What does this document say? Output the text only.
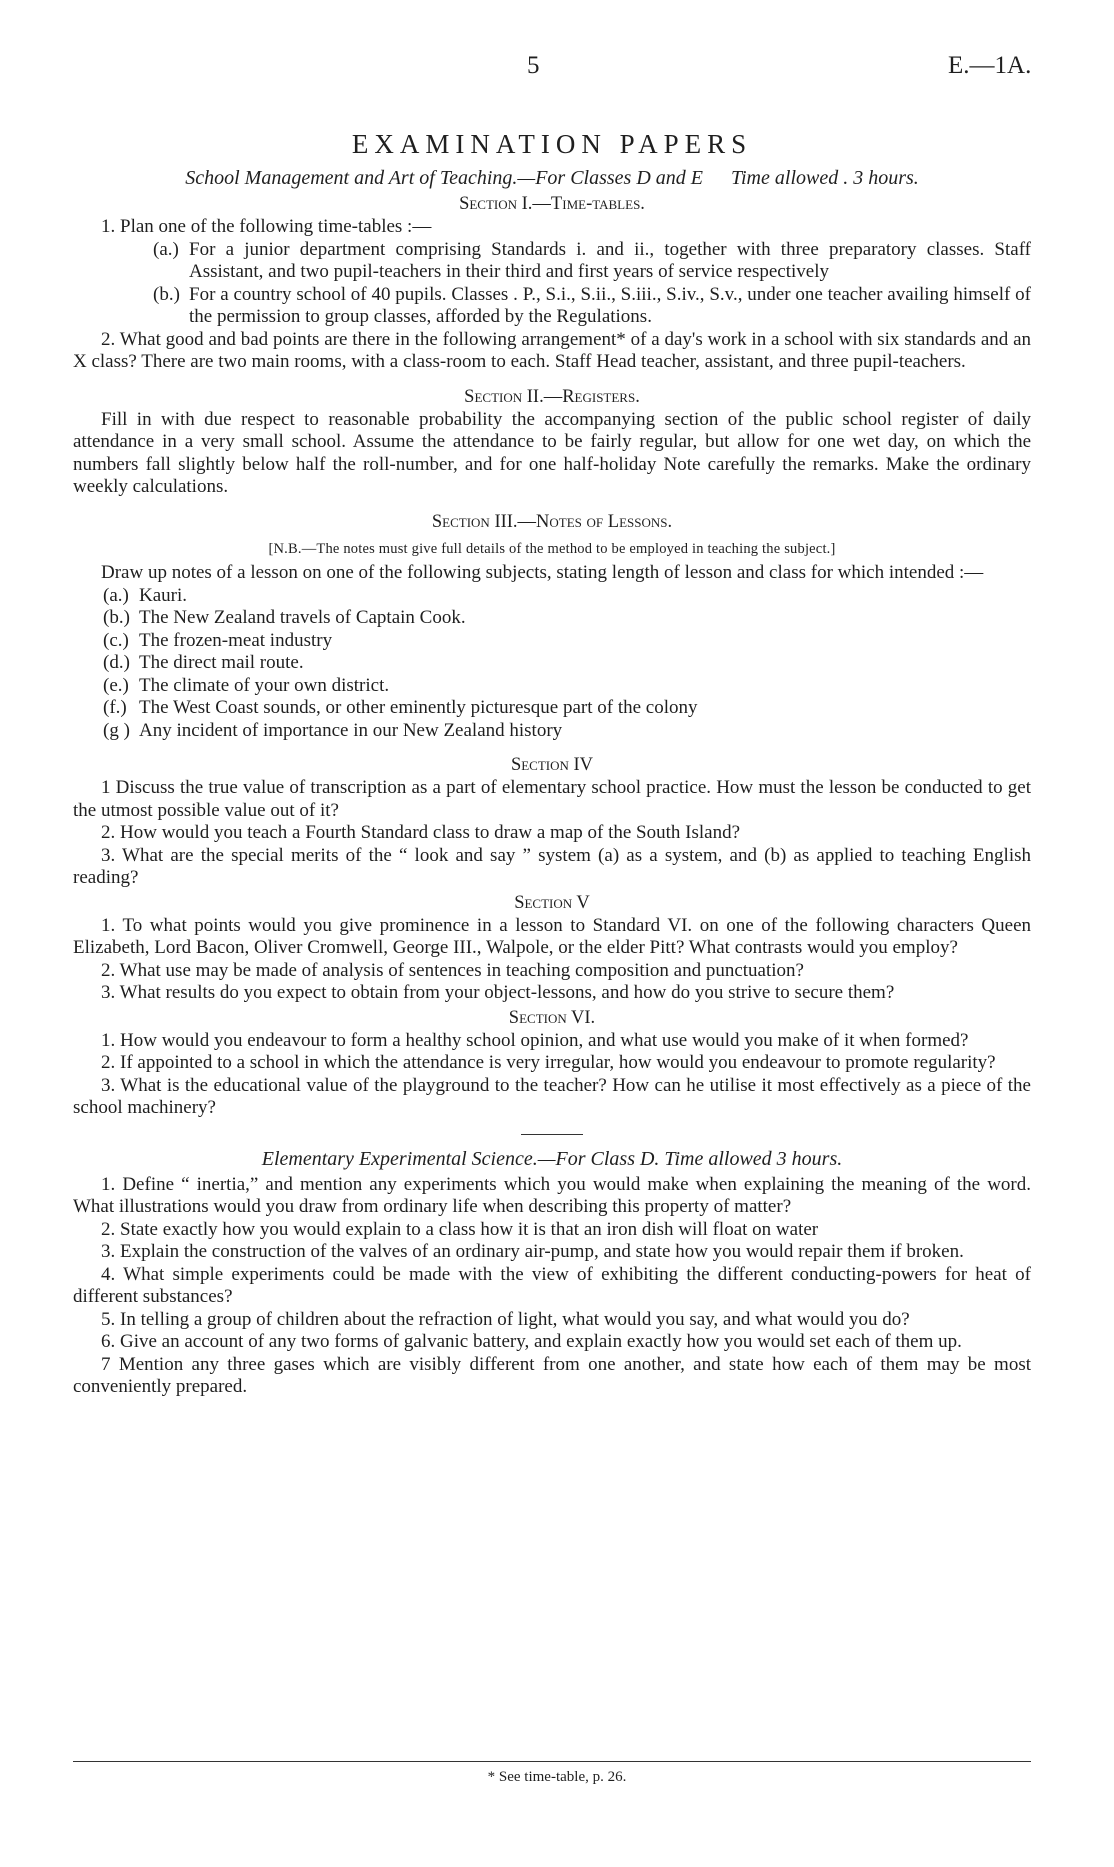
5	E.—1A.
EXAMINATION PAPERS
School Management and Art of Teaching.—For Classes D and E Time allowed . 3 hours.
Section I.—Time-tables.
1. Plan one of the following time-tables :—
(a.) For a junior department comprising Standards i. and ii., together with three preparatory classes. Staff Assistant, and two pupil-teachers in their third and first years of service respectively
(b.) For a country school of 40 pupils. Classes . P., S.i., S.ii., S.iii., S.iv., S.v., under one teacher availing himself of the permission to group classes, afforded by the Regulations.
2. What good and bad points are there in the following arrangement* of a day's work in a school with six standards and an X class? There are two main rooms, with a class-room to each. Staff Head teacher, assistant, and three pupil-teachers.
Section II.—Registers.
Fill in with due respect to reasonable probability the accompanying section of the public school register of daily attendance in a very small school. Assume the attendance to be fairly regular, but allow for one wet day, on which the numbers fall slightly below half the roll-number, and for one half-holiday Note carefully the remarks. Make the ordinary weekly calculations.
Section III.—Notes of Lessons.
[N.B.—The notes must give full details of the method to be employed in teaching the subject.]
Draw up notes of a lesson on one of the following subjects, stating length of lesson and class for which intended :—
(a.) Kauri.
(b.) The New Zealand travels of Captain Cook.
(c.) The frozen-meat industry
(d.) The direct mail route.
(e.) The climate of your own district.
(f.) The West Coast sounds, or other eminently picturesque part of the colony
(g ) Any incident of importance in our New Zealand history
Section IV
1 Discuss the true value of transcription as a part of elementary school practice. How must the lesson be conducted to get the utmost possible value out of it?
2. How would you teach a Fourth Standard class to draw a map of the South Island?
3. What are the special merits of the “ look and say ” system (a) as a system, and (b) as applied to teaching English reading?
Section V
1. To what points would you give prominence in a lesson to Standard VI. on one of the following characters Queen Elizabeth, Lord Bacon, Oliver Cromwell, George III., Walpole, or the elder Pitt? What contrasts would you employ?
2. What use may be made of analysis of sentences in teaching composition and punctuation?
3. What results do you expect to obtain from your object-lessons, and how do you strive to secure them?
Section VI.
1. How would you endeavour to form a healthy school opinion, and what use would you make of it when formed?
2. If appointed to a school in which the attendance is very irregular, how would you endeavour to promote regularity?
3. What is the educational value of the playground to the teacher? How can he utilise it most effectively as a piece of the school machinery?
Elementary Experimental Science.—For Class D. Time allowed 3 hours.
1. Define “ inertia,” and mention any experiments which you would make when explaining the meaning of the word. What illustrations would you draw from ordinary life when describing this property of matter?
2. State exactly how you would explain to a class how it is that an iron dish will float on water
3. Explain the construction of the valves of an ordinary air-pump, and state how you would repair them if broken.
4. What simple experiments could be made with the view of exhibiting the different conducting-powers for heat of different substances?
5. In telling a group of children about the refraction of light, what would you say, and what would you do?
6. Give an account of any two forms of galvanic battery, and explain exactly how you would set each of them up.
7 Mention any three gases which are visibly different from one another, and state how each of them may be most conveniently prepared.
* See time-table, p. 26.
